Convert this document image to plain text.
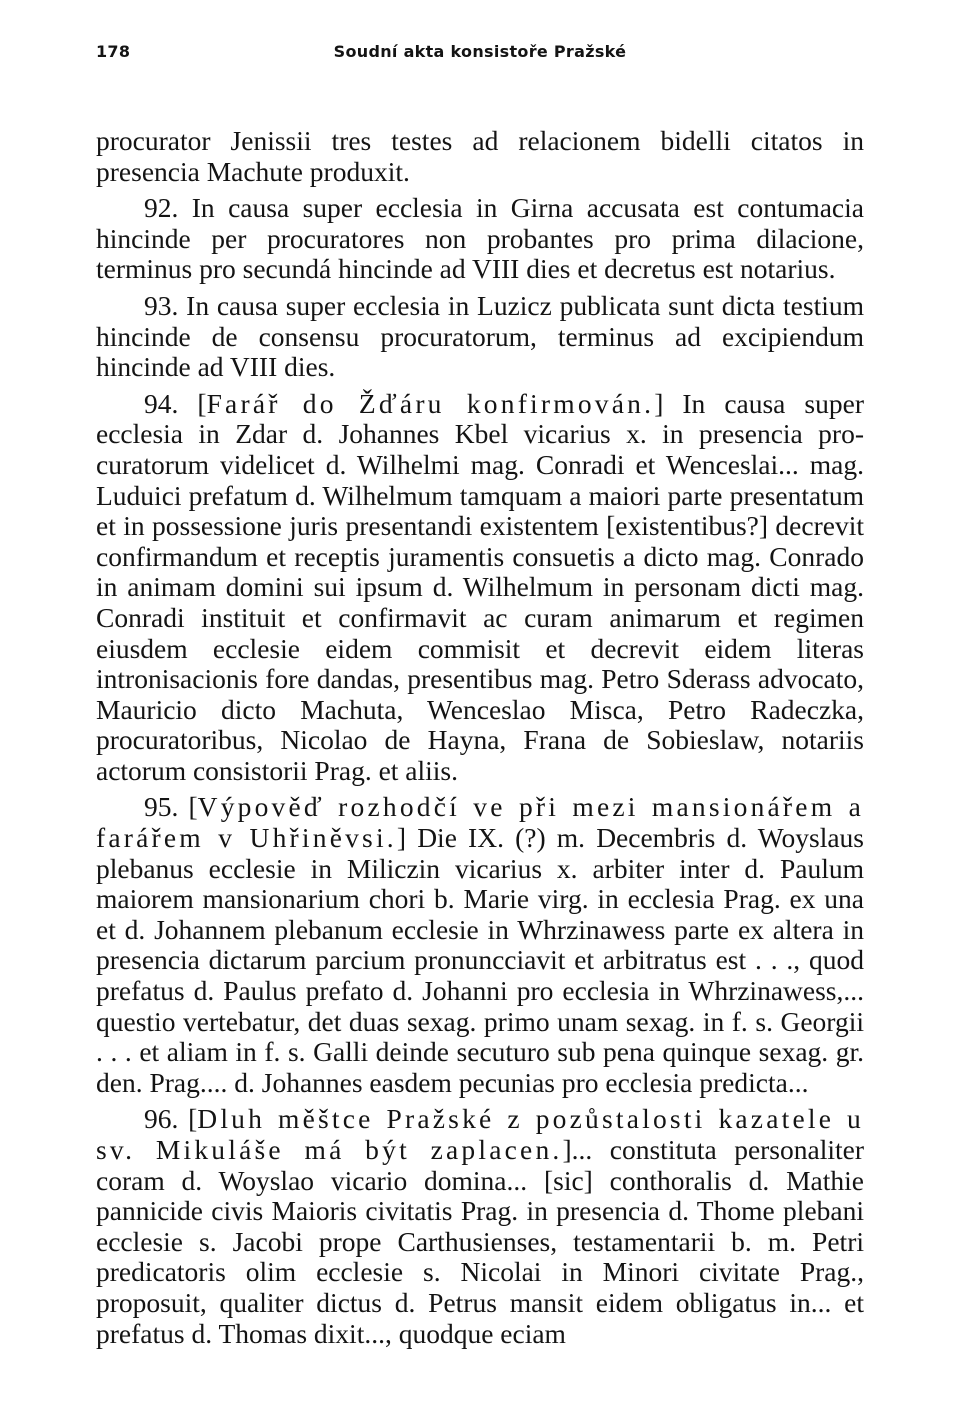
178	Soudní akta konsistoře Pražské

procurator Jenissii tres testes ad relacionem bidelli citatos in presencia Machute produxit.

92. In causa super ecclesia in Girna accusata est contumacia hincinde per procuratores non probantes pro prima dilacione, terminus pro secundá hincinde ad VIII dies et decretus est notarius.

93. In causa super ecclesia in Luzicz publicata sunt dicta testium hincinde de consensu procuratorum, terminus ad excipiendum hincinde ad VIII dies.

94. [Farář do Žďáru konfirmován.] In causa super ecclesia in Zdar d. Johannes Kbel vicarius x. in presencia procuratorum videlicet d. Wilhelmi mag. Conradi et Wenceslai... mag. Luduici prefatum d. Wilhelmum tamquam a maiori parte presentatum et in possessione juris presentandi existentem [existentibus?] decrevit confirmandum et receptis juramentis consuetis a dicto mag. Conrado in animam domini sui ipsum d. Wilhelmum in personam dicti mag. Conradi instituit et confirmavit ac curam animarum et regimen eiusdem ecclesie eidem commisit et decrevit eidem literas intronisacionis fore dandas, presentibus mag. Petro Sderass advocato, Mauricio dicto Machuta, Wenceslao Misca, Petro Radeczka, procuratoribus, Nicolao de Hayna, Frana de Sobieslaw, notariis actorum consistorii Prag. et aliis.

95. [Výpověď rozhodčí ve při mezi mansionářem a farářem v Uhřiněvsi.] Die IX. (?) m. Decembris d. Woyslaus plebanus ecclesie in Miliczin vicarius x. arbiter inter d. Paulum maiorem mansionarium chori b. Marie virg. in ecclesia Prag. ex una et d. Johannem plebanum ecclesie in Whrzinawess parte ex altera in presencia dictarum parcium pronuncciavit et arbitratus est . . ., quod prefatus d. Paulus prefato d. Johanni pro ecclesia in Whrzinawess,... questio vertebatur, det duas sexag. primo unam sexag. in f. s. Georgii . . . et aliam in f. s. Galli deinde secuturo sub pena quinque sexag. gr. den. Prag.... d. Johannes easdem pecunias pro ecclesia predicta...

96. [Dluh měštce Pražské z pozůstalosti kazatele u sv. Mikuláše má být zaplacen.]... constituta personaliter coram d. Woyslao vicario domina... [sic] conthoralis d. Mathie pannicide civis Maioris civitatis Prag. in presencia d. Thome plebani ecclesie s. Jacobi prope Carthusienses, testamentarii b. m. Petri predicatoris olim ecclesie s. Nicolai in Minori civitate Prag., proposuit, qualiter dictus d. Petrus mansit eidem obligatus in... et prefatus d. Thomas dixit..., quodque eciam
